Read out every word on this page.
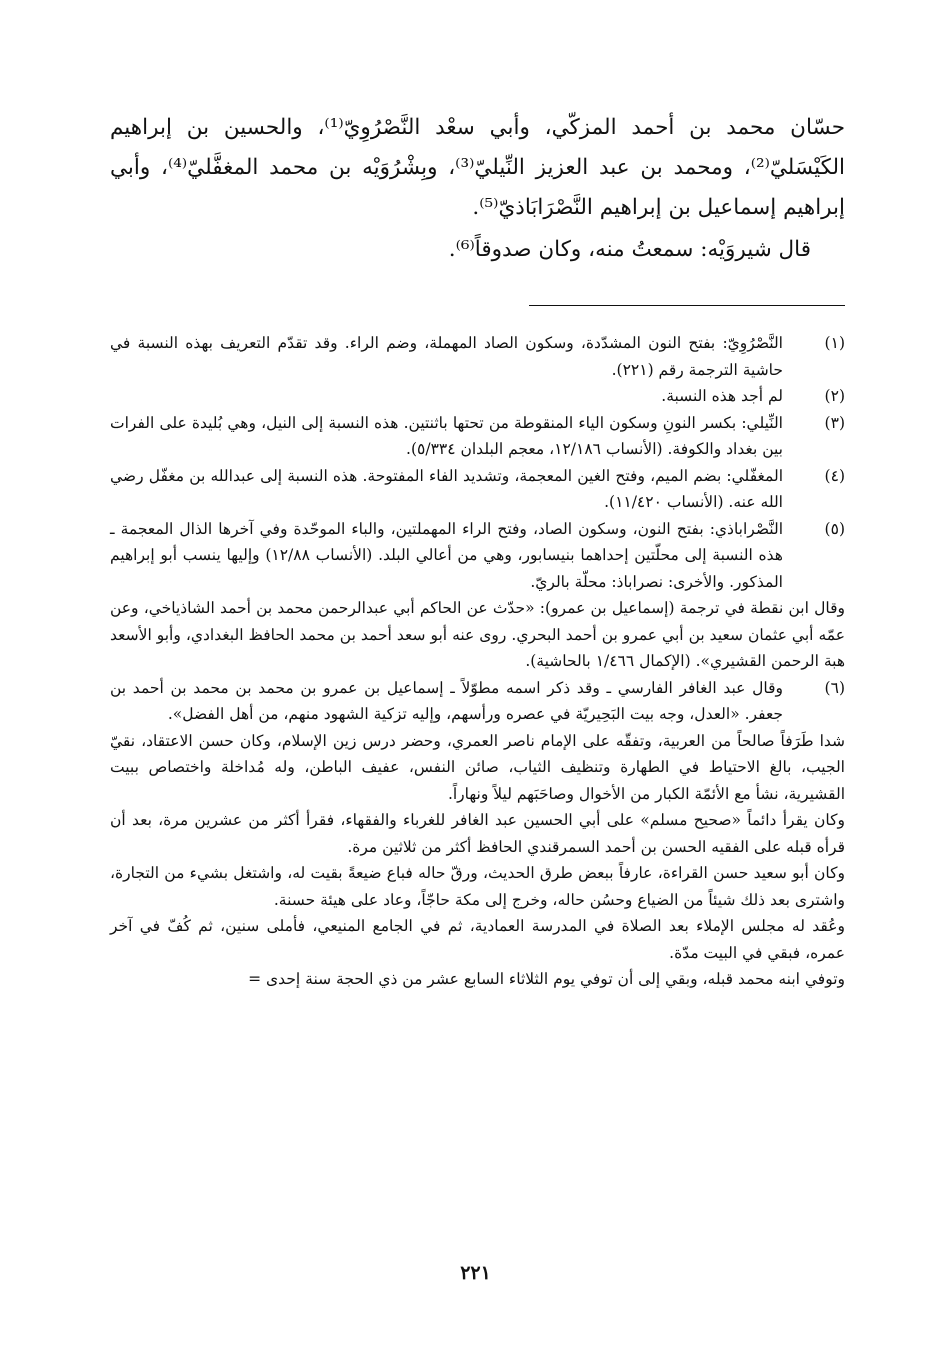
حسّان محمد بن أحمد المزكّي، وأبي سعْد النَّصْرُوِيّ⁽¹⁾، والحسين بن إبراهيم الكَيْسَليّ⁽²⁾، ومحمد بن عبد العزيز النِّيليّ⁽³⁾، وبِشْرُوَيْه بن محمد المغفَّليّ⁽⁴⁾، وأبي إبراهيم إسماعيل بن إبراهيم النَّصْرَابَاذيّ⁽⁵⁾.

قال شيروَيْه: سمعتُ منه، وكان صدوقاً⁽⁶⁾.

(١)
النَّصْرُوِيّ: بفتح النون المشدّدة، وسكون الصاد المهملة، وضم الراء. وقد تقدّم التعريف بهذه النسبة في حاشية الترجمة رقم (٢٢١).
(٢)
لم أجد هذه النسبة.
(٣)
النِّيلي: بكسر النونِ وسكون الياء المنقوطة من تحتها باثنتين. هذه النسبة إلى النيل، وهي بُليدة على الفرات بين بغداد والكوفة. (الأنساب ١٢/١٨٦، معجم البلدان ٥/٣٣٤).
(٤)
المغفّلي: بضم الميم، وفتح الغين المعجمة، وتشديد الفاء المفتوحة. هذه النسبة إلى عبدالله بن مغفّل رضي الله عنه. (الأنساب ١١/٤٢٠).
(٥)
النَّصْراباذي: بفتح النون، وسكون الصاد، وفتح الراء المهملتين، والباء الموحّدة وفي آخرها الذال المعجمة ـ هذه النسبة إلى محلّتين إحداهما بنيسابور، وهي من أعالي البلد. (الأنساب ١٢/٨٨) وإليها ينسب أبو إبراهيم المذكور. والأخرى: نصراباذ: محلّة بالريّ.

وقال ابن نقطة في ترجمة (إسماعيل بن عمرو): «حدّث عن الحاكم أبي عبدالرحمن محمد بن أحمد الشاذياخي، وعن عمّه أبي عثمان سعيد بن أبي عمرو بن أحمد البحري. روى عنه أبو سعد أحمد بن محمد الحافظ البغدادي، وأبو الأسعد هبة الرحمن القشيري». (الإكمال ١/٤٦٦ بالحاشية).

(٦)
وقال عبد الغافر الفارسي ـ وقد ذكر اسمه مطوّلاً ـ إسماعيل بن عمرو بن محمد بن محمد بن أحمد بن جعفر. «العدل، وجه بيت البَحِيريّة في عصره ورأسهم، وإليه تزكية الشهود منهم، من أهل الفضل».

شدا طَرَفاً صالحاً من العربية، وتفقّه على الإمام ناصر العمري، وحضر درس زين الإسلام، وكان حسن الاعتقاد، نقيّ الجيب، بالغ الاحتياط في الطهارة وتنظيف الثياب، صائن النفس، عفيف الباطن، وله مُداخلة واختصاص ببيت القشيرية، نشأ مع الأئمّة الكبار من الأخوال وصاحَبَهم ليلاً ونهاراً.

وكان يقرأ دائماً «صحيح مسلم» على أبي الحسين عبد الغافر للغرباء والفقهاء، فقرأ أكثر من عشرين مرة، بعد أن قرأه قبله على الفقيه الحسن بن أحمد السمرقندي الحافظ أكثر من ثلاثين مرة.

وكان أبو سعيد حسن القراءة، عارفاً ببعض طرق الحديث، ورقّ حاله فباع ضيعةً بقيت له، واشتغل بشيء من التجارة، واشترى بعد ذلك شيئاً من الضياع وحسُن حاله، وخرج إلى مكة حاجّاً، وعاد على هيئة حسنة.

وعُقد له مجلس الإملاء بعد الصلاة في المدرسة العمادية، ثم في الجامع المنيعي، فأملى سنين، ثم كُفّ في آخر عمره، فبقي في البيت مدّة.

وتوفي ابنه محمد قبله، وبقي إلى أن توفي يوم الثلاثاء السابع عشر من ذي الحجة سنة إحدى =

٢٢١
